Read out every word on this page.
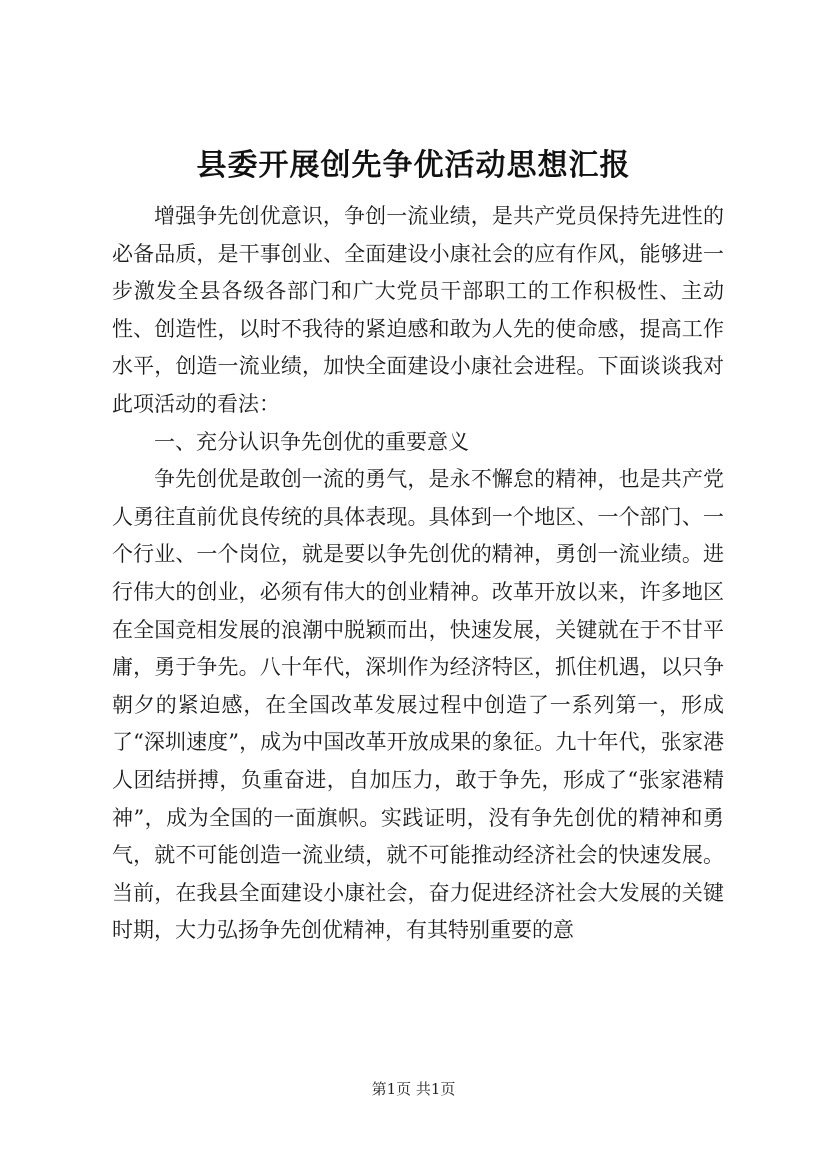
县委开展创先争优活动思想汇报

增强争先创优意识，争创一流业绩，是共产党员保持先进性的必备品质，是干事创业、全面建设小康社会的应有作风，能够进一步激发全县各级各部门和广大党员干部职工的工作积极性、主动性、创造性，以时不我待的紧迫感和敢为人先的使命感，提高工作水平，创造一流业绩，加快全面建设小康社会进程。下面谈谈我对此项活动的看法：

一、充分认识争先创优的重要意义

争先创优是敢创一流的勇气，是永不懈怠的精神，也是共产党人勇往直前优良传统的具体表现。具体到一个地区、一个部门、一个行业、一个岗位，就是要以争先创优的精神，勇创一流业绩。进行伟大的创业，必须有伟大的创业精神。改革开放以来，许多地区在全国竞相发展的浪潮中脱颖而出，快速发展，关键就在于不甘平庸，勇于争先。八十年代，深圳作为经济特区，抓住机遇，以只争朝夕的紧迫感，在全国改革发展过程中创造了一系列第一，形成了“深圳速度”，成为中国改革开放成果的象征。九十年代，张家港人团结拼搏，负重奋进，自加压力，敢于争先，形成了“张家港精神”，成为全国的一面旗帜。实践证明，没有争先创优的精神和勇气，就不可能创造一流业绩，就不可能推动经济社会的快速发展。当前，在我县全面建设小康社会，奋力促进经济社会大发展的关键时期，大力弘扬争先创优精神，有其特别重要的意

第1页 共1页
